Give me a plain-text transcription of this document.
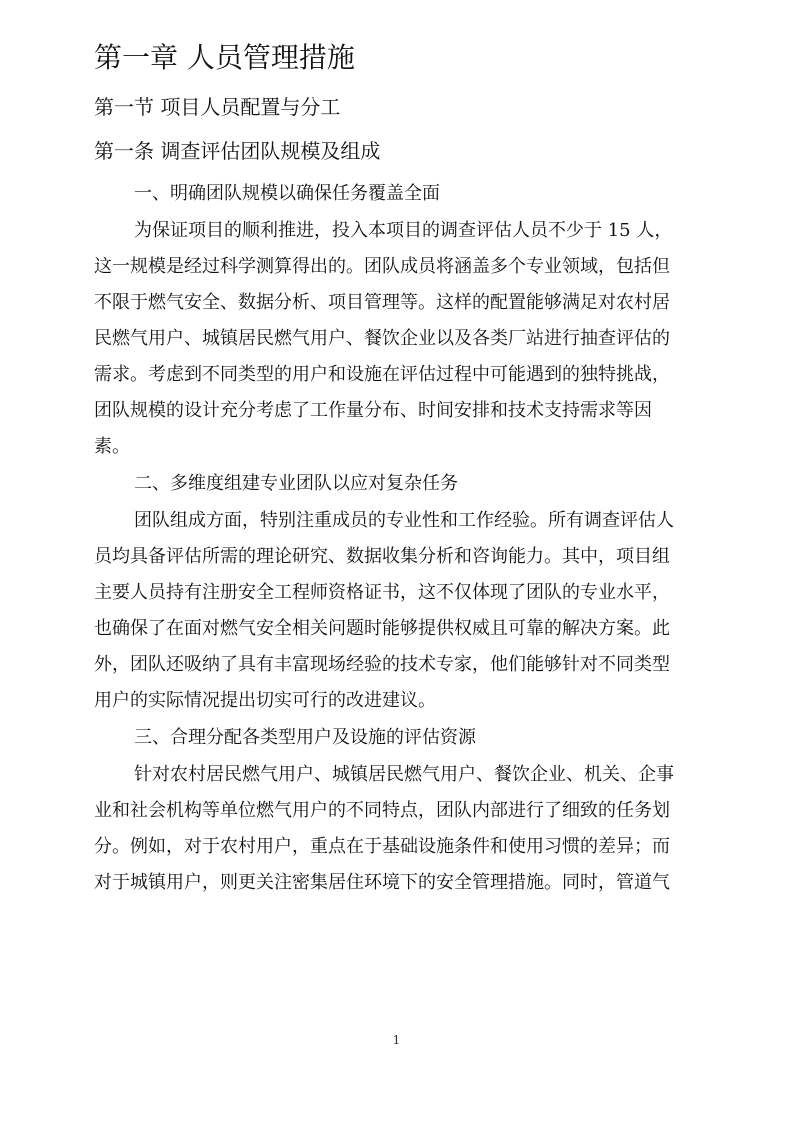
第一章 人员管理措施
第一节 项目人员配置与分工
第一条 调查评估团队规模及组成

一、明确团队规模以确保任务覆盖全面

为保证项目的顺利推进，投入本项目的调查评估人员不少于 15 人，

这一规模是经过科学测算得出的。团队成员将涵盖多个专业领域，包括但

不限于燃气安全、数据分析、项目管理等。这样的配置能够满足对农村居

民燃气用户、城镇居民燃气用户、餐饮企业以及各类厂站进行抽查评估的

需求。考虑到不同类型的用户和设施在评估过程中可能遇到的独特挑战，

团队规模的设计充分考虑了工作量分布、时间安排和技术支持需求等因

素。

二、多维度组建专业团队以应对复杂任务

团队组成方面，特别注重成员的专业性和工作经验。所有调查评估人

员均具备评估所需的理论研究、数据收集分析和咨询能力。其中，项目组

主要人员持有注册安全工程师资格证书，这不仅体现了团队的专业水平，

也确保了在面对燃气安全相关问题时能够提供权威且可靠的解决方案。此

外，团队还吸纳了具有丰富现场经验的技术专家，他们能够针对不同类型

用户的实际情况提出切实可行的改进建议。

三、合理分配各类型用户及设施的评估资源

针对农村居民燃气用户、城镇居民燃气用户、餐饮企业、机关、企事

业和社会机构等单位燃气用户的不同特点，团队内部进行了细致的任务划

分。例如，对于农村用户，重点在于基础设施条件和使用习惯的差异；而

对于城镇用户，则更关注密集居住环境下的安全管理措施。同时，管道气

1
